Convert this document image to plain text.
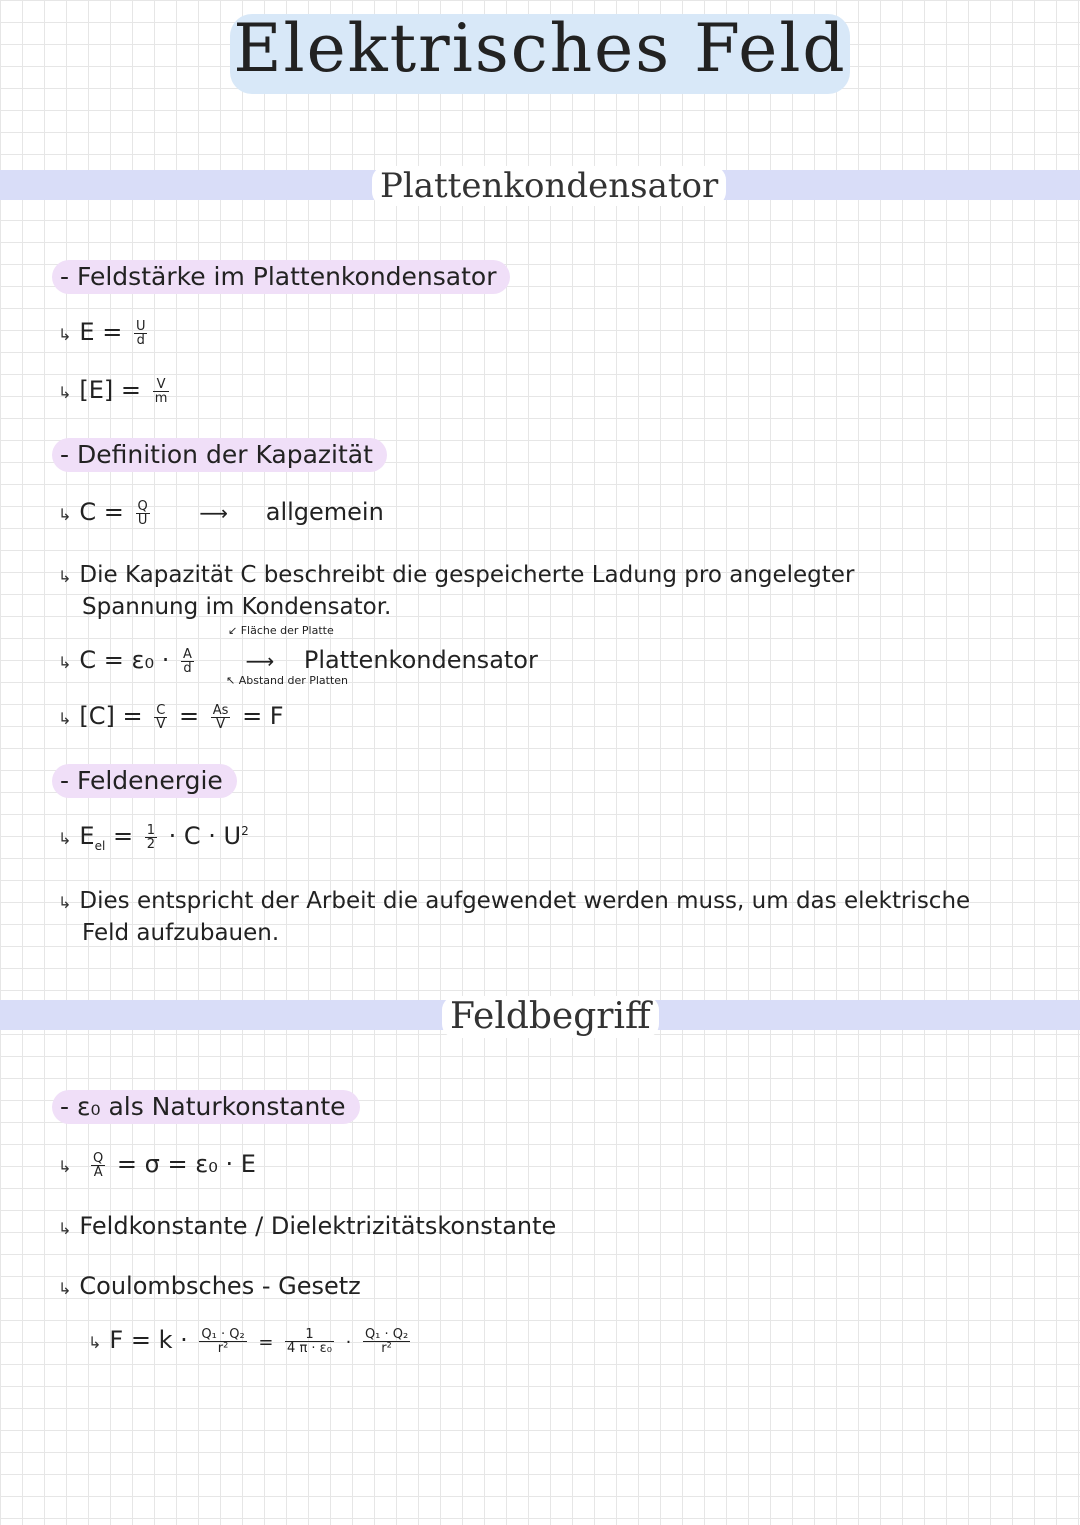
Elektrisches Feld
Plattenkondensator
- Feldstärke im Plattenkondensator
↳ $E = \frac{U}{d}$
↳ $[E] = \frac{V}{m}$
- Definition der Kapazität
↳ $C = \frac{Q}{U}$ ⟶ allgemein
↳ Die Kapazität C beschreibt die gespeicherte Ladung pro angelegter
Spannung im Kondensator.
↙ Fläche der Platte
↳ $C = \varepsilon_0 \cdot \frac{A}{d}$	⟶ Plattenkondensator
↖ Abstand der Platten
↳ $[C] = \frac{C}{V} = \frac{As}{V} = F$
- Feldenergie
↳ $E_{el} = \frac{1}{2} \cdot C \cdot U^2$
↳ Dies entspricht der Arbeit die aufgewendet werden muss, um das elektrische
Feld aufzubauen.
Feldbegriff
- ε₀ als Naturkonstante
↳ $\frac{Q}{A} = \sigma = \varepsilon_0 \cdot E$
↳ Feldkonstante / Dielektrizitätskonstante
↳ Coulombsches - Gesetz
↳ $F = k \cdot \frac{\text{Q₁ · Q₂}}{\text{r²}} = \frac{1}{\text{4 π · ε₀}} \cdot \frac{\text{Q₁ · Q₂}}{\text{r²}}$
